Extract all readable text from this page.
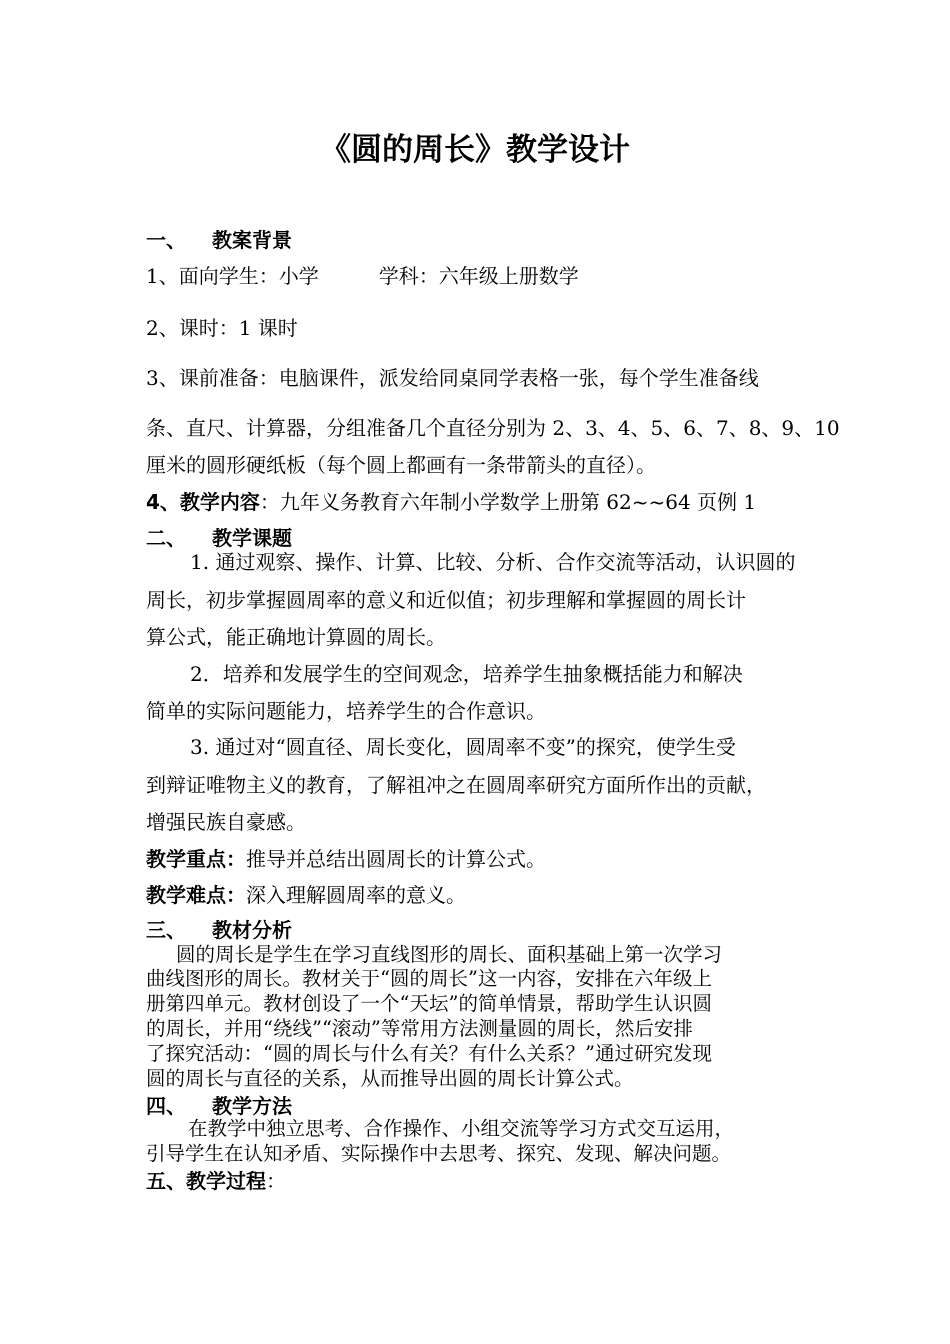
《圆的周长》教学设计
一、 教案背景
1、面向学生：小学	学科：六年级上册数学
2、课时：1 课时
3、课前准备：电脑课件，派发给同桌同学表格一张，每个学生准备线
条、直尺、计算器，分组准备几个直径分别为 2、3、4、5、6、7、8、9、10
厘米的圆形硬纸板（每个圆上都画有一条带箭头的直径）。
4、教学内容：九年义务教育六年制小学数学上册第 62~~64 页例 1
二、 教学课题
1. 通过观察、操作、计算、比较、分析、合作交流等活动，认识圆的
周长，初步掌握圆周率的意义和近似值；初步理解和掌握圆的周长计
算公式，能正确地计算圆的周长。
2．培养和发展学生的空间观念，培养学生抽象概括能力和解决
简单的实际问题能力，培养学生的合作意识。
3. 通过对“圆直径、周长变化，圆周率不变”的探究，使学生受
到辩证唯物主义的教育，了解祖冲之在圆周率研究方面所作出的贡献，
增强民族自豪感。
教学重点：推导并总结出圆周长的计算公式。
教学难点：深入理解圆周率的意义。
三、 教材分析
圆的周长是学生在学习直线图形的周长、面积基础上第一次学习
曲线图形的周长。教材关于“圆的周长”这一内容，安排在六年级上
册第四单元。教材创设了一个“天坛”的简单情景，帮助学生认识圆
的周长，并用“绕线”“滚动”等常用方法测量圆的周长，然后安排
了探究活动：“圆的周长与什么有关？有什么关系？”通过研究发现
圆的周长与直径的关系，从而推导出圆的周长计算公式。
四、 教学方法
在教学中独立思考、合作操作、小组交流等学习方式交互运用，
引导学生在认知矛盾、实际操作中去思考、探究、发现、解决问题。
五、教学过程：
